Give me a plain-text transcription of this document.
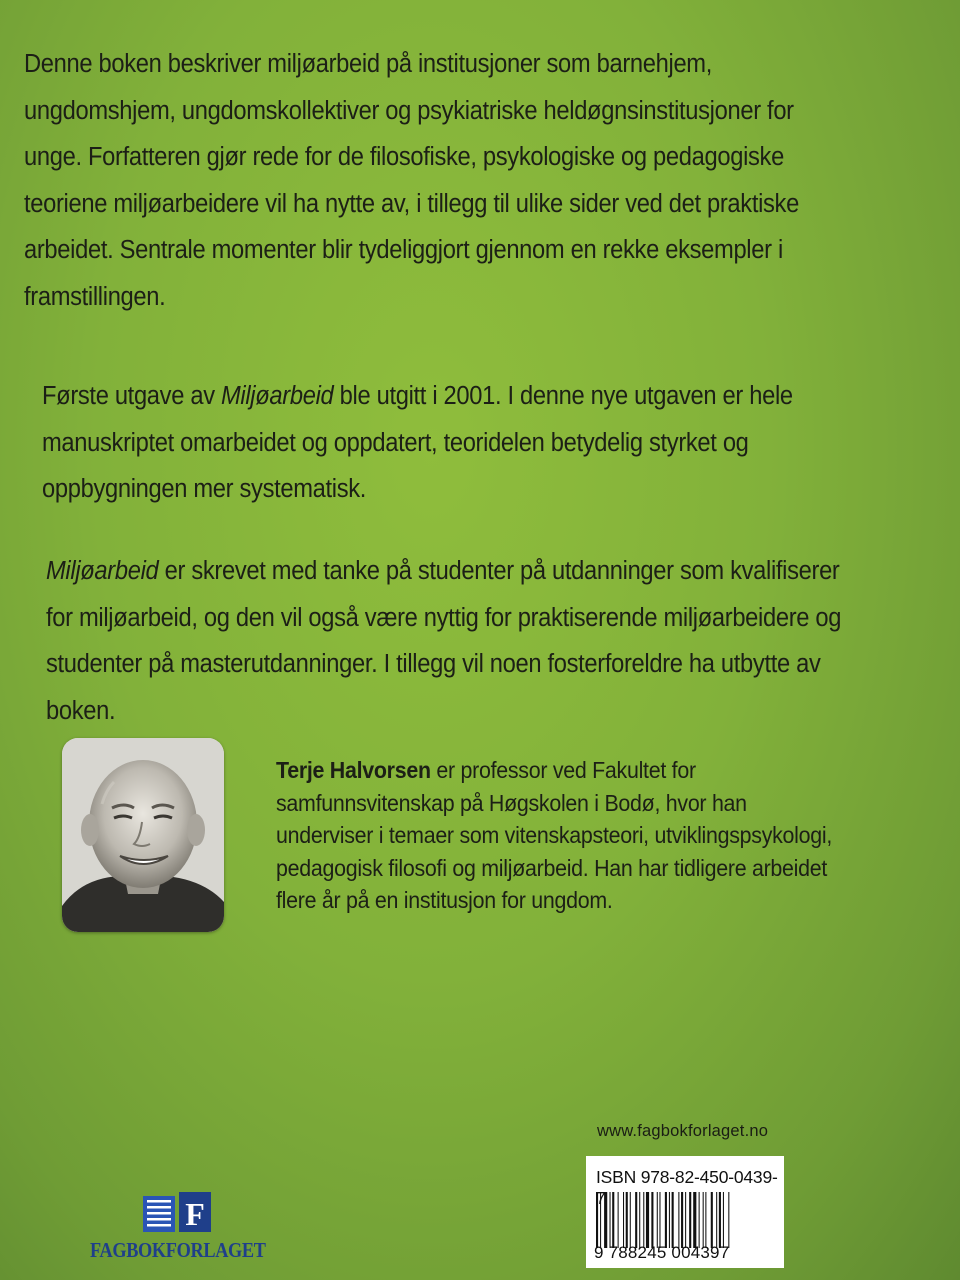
Denne boken beskriver miljøarbeid på institusjoner som barnehjem,
ungdomshjem, ungdomskollektiver og psykiatriske heldøgnsinstitusjoner for
unge. Forfatteren gjør rede for de filosofiske, psykologiske og pedagogiske
teoriene miljøarbeidere vil ha nytte av, i tillegg til ulike sider ved det praktiske
arbeidet. Sentrale momenter blir tydeliggjort gjennom en rekke eksempler i
framstillingen.

Første utgave av Miljøarbeid ble utgitt i 2001. I denne nye utgaven er hele
manuskriptet omarbeidet og oppdatert, teoridelen betydelig styrket og
oppbygningen mer systematisk.

Miljøarbeid er skrevet med tanke på studenter på utdanninger som kvalifiserer
for miljøarbeid, og den vil også være nyttig for praktiserende miljøarbeidere og
studenter på masterutdanninger. I tillegg vil noen fosterforeldre ha utbytte av
boken.

Terje Halvorsen er professor ved Fakultet for
samfunnsvitenskap på Høgskolen i Bodø, hvor han
underviser i temaer som vitenskapsteori, utviklingspsykologi,
pedagogisk filosofi og miljøarbeid. Han har tidligere arbeidet
flere år på en institusjon for ungdom.

www.fagbokforlaget.no
ISBN 978-82-450-0439-7
9 788245 004397
F
FAGBOKFORLAGET
